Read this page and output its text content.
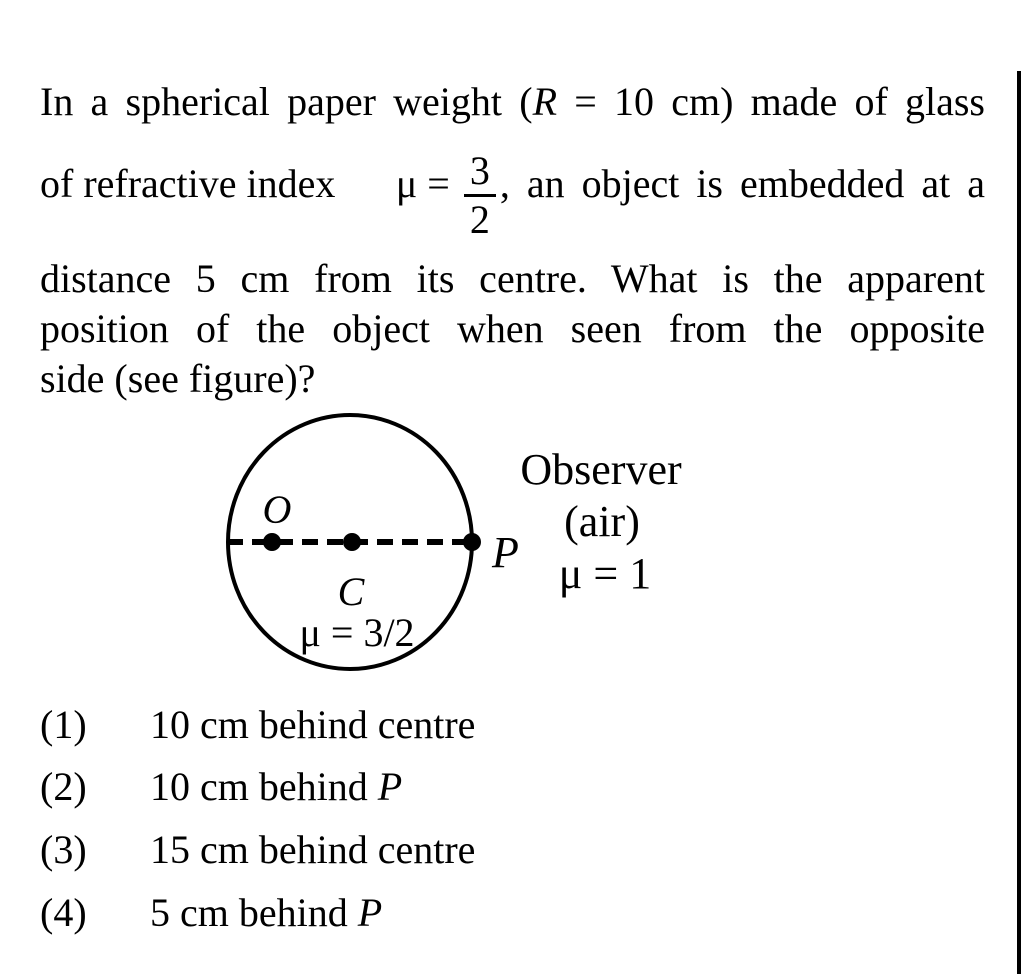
In a spherical paper weight (R = 10 cm) made of glass
of refractive index $\mu = \frac{3}{2}$ , an object is embedded at a
distance 5 cm from its centre. What is the apparent
position of the object when seen from the opposite
side (see figure)?
O
C
P
μ = 3/2
Observer
(air)
μ = 1
(1) 10 cm behind centre
(2) 10 cm behind P
(3) 15 cm behind centre
(4) 5 cm behind P
